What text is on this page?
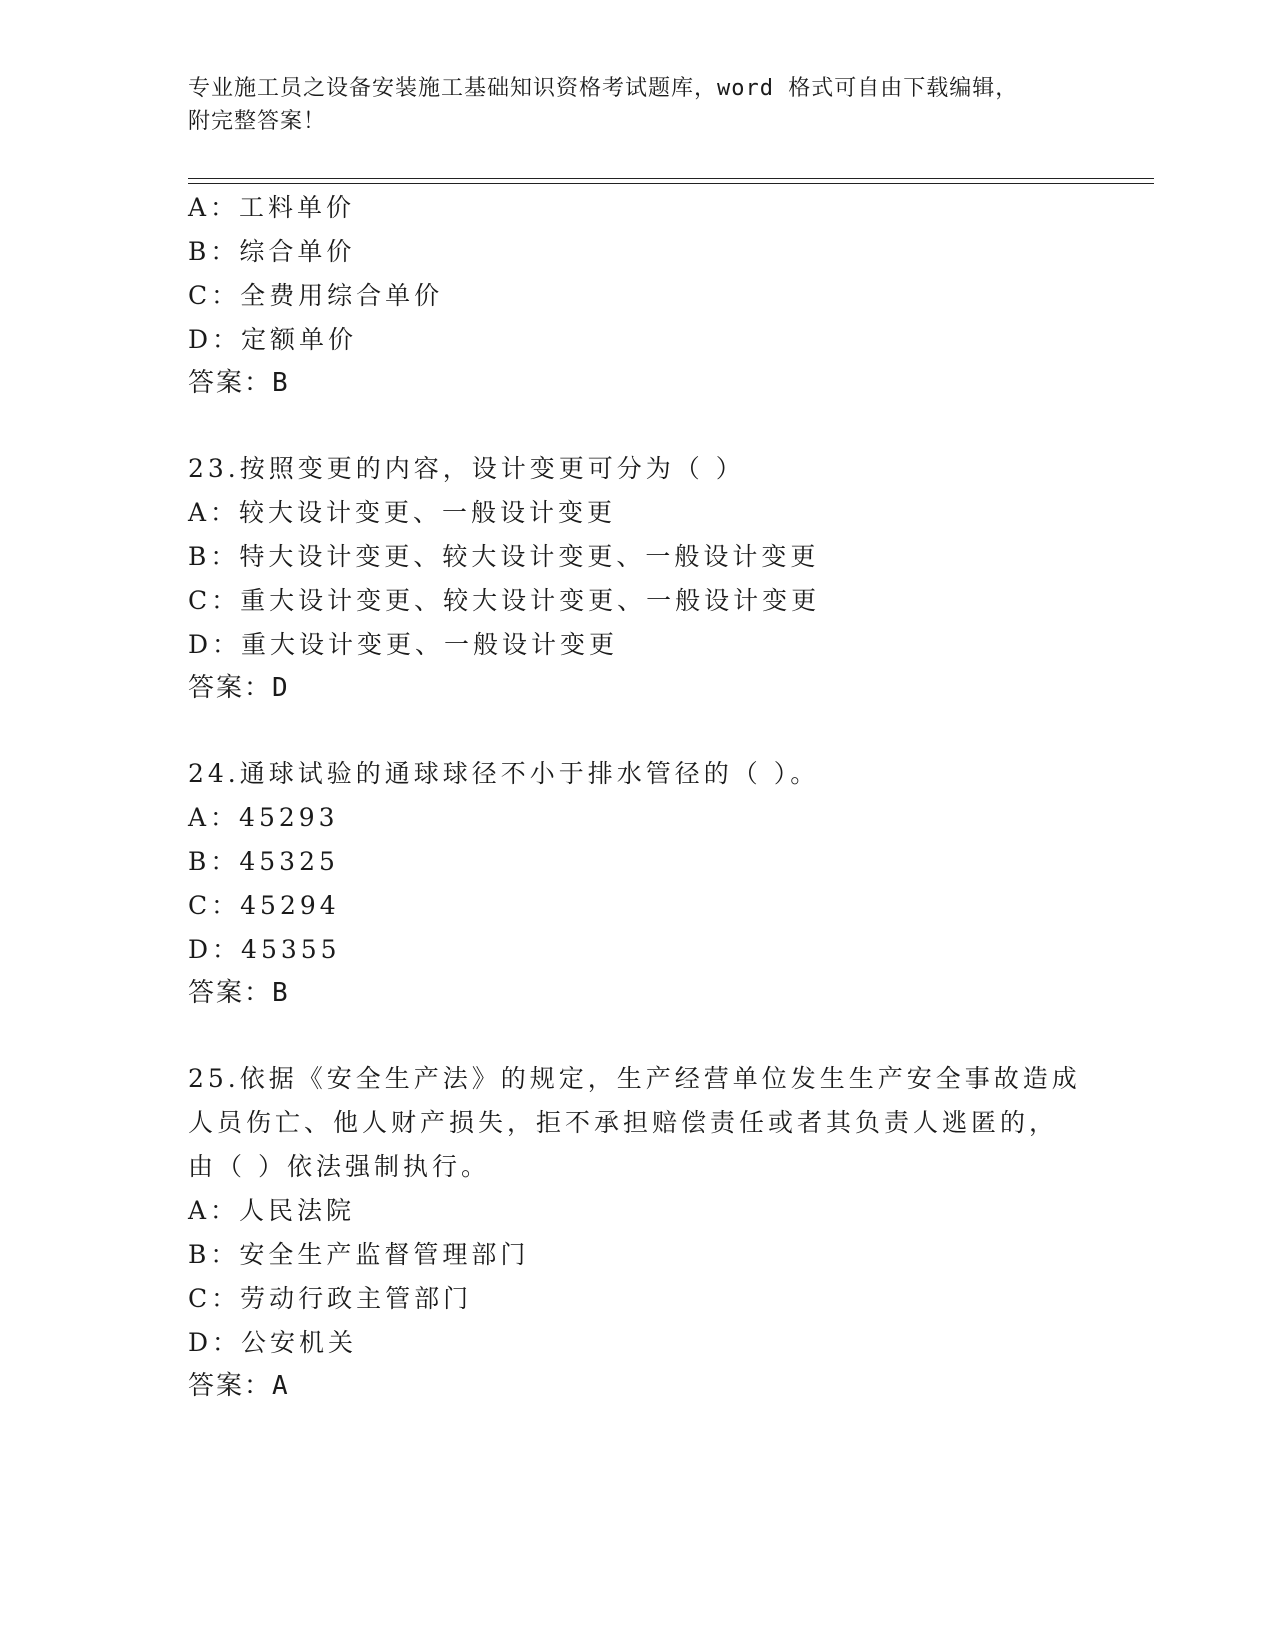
专业施工员之设备安装施工基础知识资格考试题库，word 格式可自由下载编辑，
附完整答案！
A：工料单价
B：综合单价
C：全费用综合单价
D：定额单价
答案：B
23.按照变更的内容，设计变更可分为（ ）
A：较大设计变更、一般设计变更
B：特大设计变更、较大设计变更、一般设计变更
C：重大设计变更、较大设计变更、一般设计变更
D：重大设计变更、一般设计变更
答案：D
24.通球试验的通球球径不小于排水管径的（ ）。
A：45293
B：45325
C：45294
D：45355
答案：B
25.依据《安全生产法》的规定，生产经营单位发生生产安全事故造成
人员伤亡、他人财产损失，拒不承担赔偿责任或者其负责人逃匿的，
由（ ）依法强制执行。
A：人民法院
B：安全生产监督管理部门
C：劳动行政主管部门
D：公安机关
答案：A
